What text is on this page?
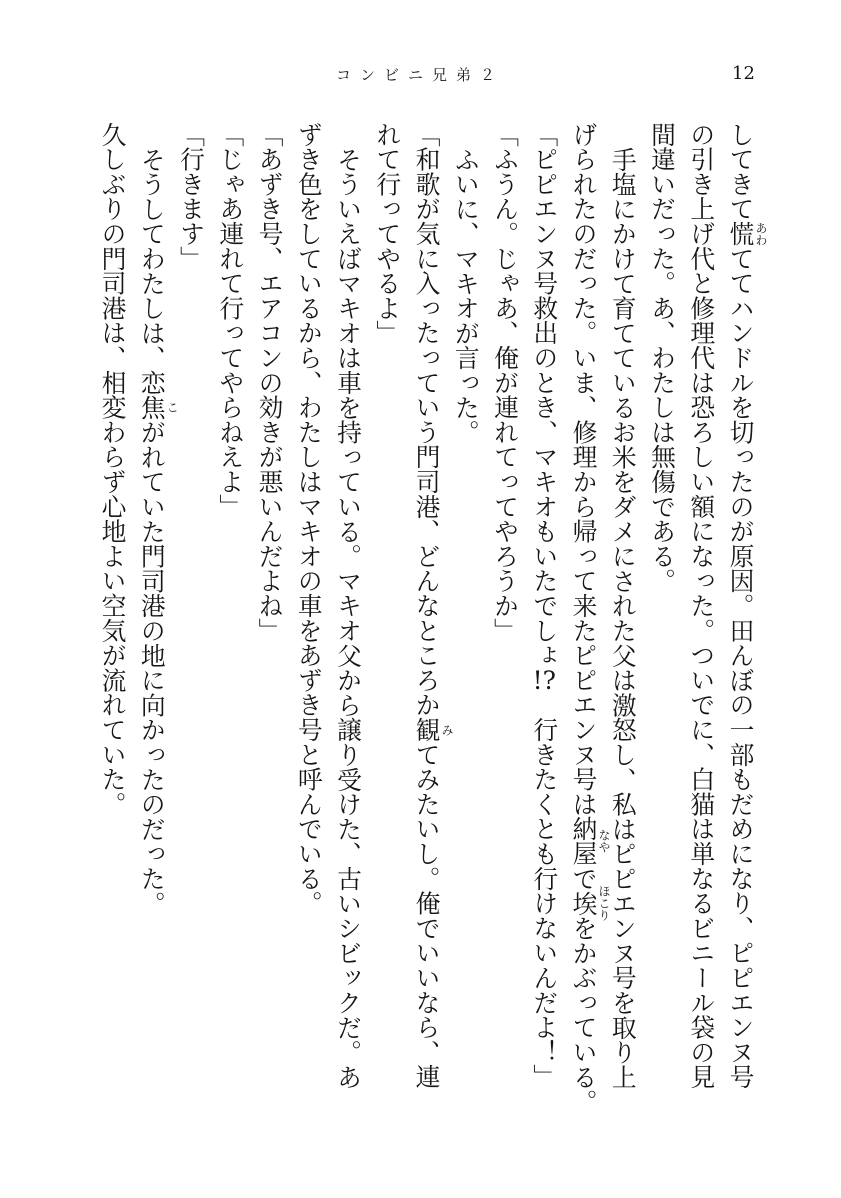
コンビニ兄弟２	12
してきて慌 あわ
ててハンドルを切ったのが原因。田んぼの一部もだめになり、ピピエンヌ号
の引き上げ代と修理代は恐ろしい額になった。ついでに、白猫は単なるビニール袋の見
間違いだった。あ、わたしは無傷である。
手塩にかけて育てているお米をダメにされた父は激怒し、私はピピエンヌ号を取り上
げられたのだった。いま、修理から帰って来たピピエンヌ号は納屋 なや
で埃 ほこり
をかぶっている。
「ピピエンヌ号救出のとき、マキオもいたでしょ!?　行きたくとも行けないんだよ！」
「ふうん。じゃあ、俺が連れてってやろうか」
ふいに、マキオが言った。
「和歌が気に入ったっていう門司港、どんなところか観 み
てみたいし。俺でいいなら、連
れて行ってやるよ」
そういえばマキオは車を持っている。マキオ父から譲り受けた、古いシビックだ。あ
ずき色をしているから、わたしはマキオの車をあずき号と呼んでいる。
「あずき号、エアコンの効きが悪いんだよね」
「じゃあ連れて行ってやらねえよ」
「行きます」
そうしてわたしは、恋焦 こ
がれていた門司港の地に向かったのだった。
久しぶりの門司港は、相変わらず心地よい空気が流れていた。
